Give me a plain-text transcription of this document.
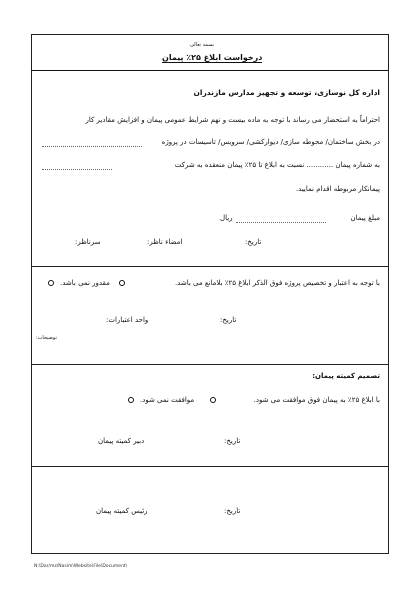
بسمه تعالی
درخواست ابلاغ ۲۵٪ پیمان
اداره کل نوسازی، توسعه و تجهیز مدارس مازندران
احتراماً به استحضار می رساند با توجه به ماده بیست و نهم شرایط عمومی پیمان و افزایش مقادیر کار
در بخش ساختمان/ محوطه سازی/ دیوارکشی/ سرویس/ تاسیسات در پروژه
به شماره پیمان ............ نسبت به ابلاغ تا ۲۵٪ پیمان منعقده به شرکت
پیمانکار مربوطه اقدام نمایید.
مبلغ پیمان
ریال
تاریخ:
امضاء ناظر:
سرناظر:
با توجه به اعتبار و تخصیص پروژه فوق الذکر ابلاغ ۲۵٪ بلامانع می باشد.
مقدور نمی باشد.
تاریخ:
واحد اعتبارات:
توضیحات:
تصمیم کمیته پیمان:
با ابلاغ ۲۵٪ به پیمان فوق موافقت می شود.
موافقت نمی شود.
تاریخ:
دبیر کمیته پیمان
تاریخ:
رئیس کمیته پیمان
N:\Dar/mz/Nasim\Website\File\Document\
